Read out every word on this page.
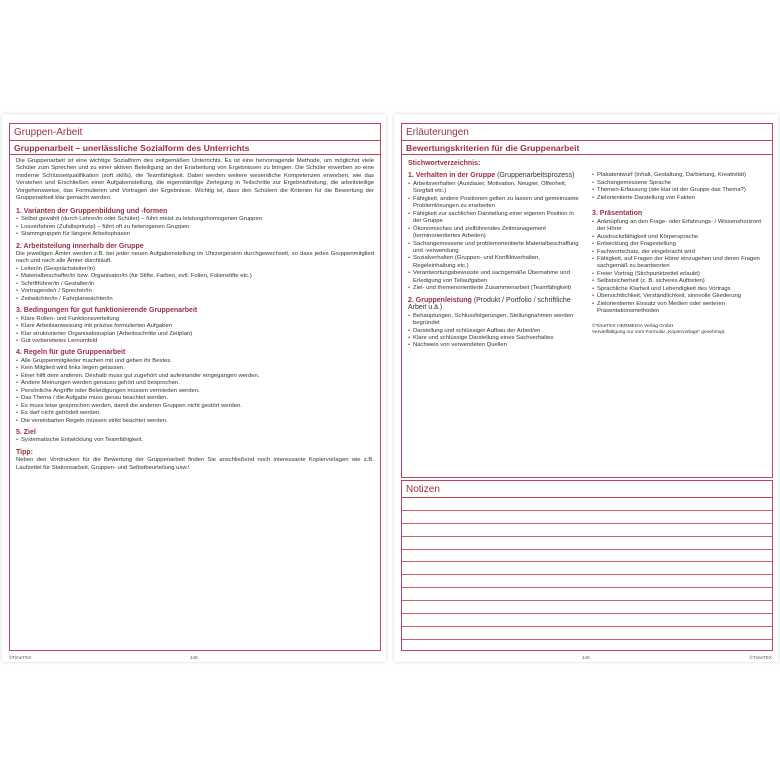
Gruppen-Arbeit
Gruppenarbeit – unerlässliche Sozialform des Unterrichts

Die Gruppenarbeit ist eine wichtige Sozialform des zeitgemäßen Unterrichts. Es ist eine hervorragende Methode, um möglichst viele Schüler zum Sprechen und zu einer aktiven Beteiligung an der Erarbeitung von Ergebnissen zu bringen. Die Schüler erwerben so eine moderne Schlüsselqualifikation (soft skills), die Teamfähigkeit. Dabei werden weitere wesentliche Kompetenzen erworben, wie das Verstehen und Erschließen einer Aufgabenstellung, die eigenständige Zerlegung in Teilschritte zur Ergebnisfindung, die arbeitsteilige Vorgehensweise, das Formulieren und Vortragen der Ergebnisse. Wichtig ist, dass den Schülern die Kriterien für die Bewertung der Gruppenarbeit klar gemacht werden.

1. Varianten der Gruppenbildung und -formen
• Selbst gewählt (durch Lehrer/in oder Schüler) – führt meist zu leistungshomogenen Gruppen
• Losverfahren (Zufallsprinzip) – führt oft zu heterogenen Gruppen
• Stammgruppen für längere Arbeitsphasen
2. Arbeitsteilung innerhalb der Gruppe

Die jeweiligen Ämter werden z.B. bei jeder neuen Aufgabenstellung im Uhrzeigersinn durchgewechselt, so dass jedes Gruppenmitglied nach und nach alle Ämter durchläuft.

• Leiter/in (Gesprächsleiter/in)
• Materialbeschaffer/in bzw. Organisator/in (für Stifte, Farben, evtl. Folien, Folienstifte etc.)
• Schriftführer/in / Gestalter/in
• Vortragende/r / Sprecher/in
• Zeitwächter/in / Fahrplanwächter/in
3. Bedingungen für gut funktionierende Gruppenarbeit
• Klare Rollen- und Funktionsverteilung
• Klare Arbeitsanweisung mit präzise formulierten Aufgaben
• Klar strukturierter Organisationsplan (Arbeitsschritte und Zeitplan)
• Gut vorbereitetes Lernumfeld
4. Regeln für gute Gruppenarbeit
• Alle Gruppenmitglieder machen mit und geben ihr Bestes.
• Kein Mitglied wird links liegen gelassen.
• Einer hilft dem anderen. Deshalb muss gut zugehört und aufeinander eingegangen werden.
• Andere Meinungen werden genauso gehört und besprochen.
• Persönliche Angriffe oder Beleidigungen müssen vermieden werden.
• Das Thema / die Aufgabe muss genau beachtet werden.
• Es muss leise gesprochen werden, damit die anderen Gruppen nicht gestört werden.
• Es darf nicht getrödelt werden.
• Die vereinbarten Regeln müssen strikt beachtet werden.
5. Ziel
• Systematische Entwicklung von Teamfähigkeit.
Tipp:

Neben den Vordrucken für die Bewertung der Gruppenarbeit finden Sie anschließend noch interessante Kopiervorlagen wie z.B. Laufzettel für Stationsarbeit, Gruppen- und Selbstbeurteilung usw.!

©TimeTEX	148
Erläuterungen
Bewertungskriterien für die Gruppenarbeit
Stichwortverzeichnis:
1. Verhalten in der Gruppe (Gruppenarbeitsprozess)
• Arbeitsverhalten (Ausdauer, Motivation, Neugier, Offenheit, Sorgfalt etc.)
• Fähigkeit, andere Positionen gelten zu lassen und gemeinsame Problemlösungen zu erarbeiten
• Fähigkeit zur sachlichen Darstellung einer eigenen Position in der Gruppe
• Ökonomisches und zielführendes Zeitmanagement (terminorientiertes Arbeiten)
• Sachangemessene und problemorientierte Materialbeschaffung und -verwendung
• Sozialverhalten (Gruppen- und Konfliktverhalten, Regeleinhaltung etc.)
• Verantwortungsbewusste und sachgemäße Übernahme und Erledigung von Teilaufgaben
• Ziel- und themenorientierte Zusammenarbeit (Teamfähigkeit)
2. Gruppenleistung (Produkt / Portfolio / schriftliche Arbeit u.ä.)
• Behauptungen, Schlussfolgerungen, Stellungnahmen werden begründet
• Darstellung und schlüssiger Aufbau der Arbeit/en
• Klare und schlüssige Darstellung eines Sachverhaltes
• Nachweis von verwendeten Quellen
• Plakatentwurf (Inhalt, Gestaltung, Darbietung, Kreativität)
• Sachangemessene Sprache
• Themen-Erfassung (wie klar ist der Gruppe das Thema?)
• Zielorientierte Darstellung von Fakten
3. Präsentation
• Anknüpfung an den Frage- oder Erfahrungs- / Wissenshorizont der Hörer
• Ausdrucksfähigkeit und Körpersprache
• Entwicklung der Fragestellung
• Fachwortschatz, der eingebracht wird
• Fähigkeit, auf Fragen der Hörer einzugehen und deren Fragen sachgemäß zu beantworten
• Freier Vortrag (Stichpunktzettel erlaubt)
• Selbstsicherheit (z. B. sicheres Auftreten)
• Sprachliche Klarheit und Lebendigkeit des Vortrags
• Übersichtlichkeit, Verständlichkeit, sinnvolle Gliederung
• Zielorientierter Einsatz von Medien oder weiteren Präsentationsmethoden
©TimeTEX HERMEDIA Verlag GmbH
Vervielfältigung nur vom Formular „Kopiervorlage“ genehmigt.
Notizen
149	©TimeTEX
